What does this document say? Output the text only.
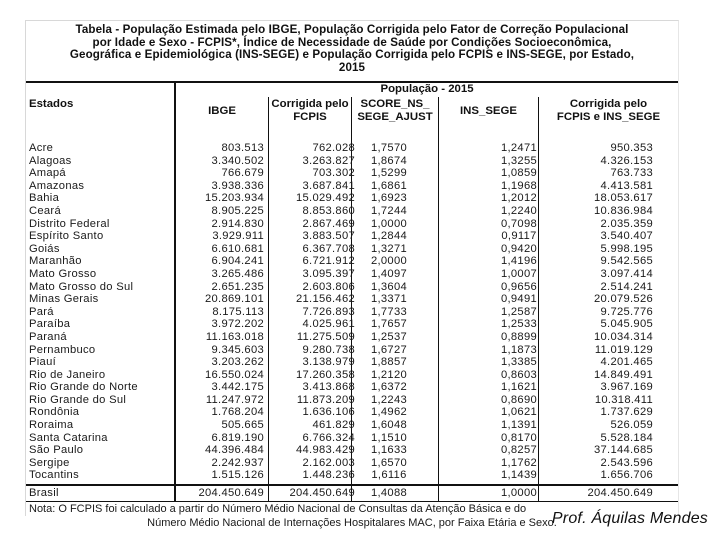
Tabela - População Estimada pelo IBGE, População Corrigida pelo Fator de Correção Populacional
por Idade e Sexo - FCPIS*, Índice de Necessidade de Saúde por Condições Socioeconômica,
Geográfica e Epidemiológica (INS-SEGE) e População Corrigida pelo FCPIS e INS-SEGE, por Estado,
2015
População - 2015
Estados
IBGE
Corrigida pelo
FCPIS
SCORE_NS_
SEGE_AJUST	INS_SEGE
Corrigida pelo
FCPIS e INS_SEGE
Acre	803.513	762.028 1,7570	1,2471	950.353
Alagoas	3.340.502	3.263.827 1,8674	1,3255	4.326.153
Amapá	766.679	703.302 1,5299	1,0859	763.733
Amazonas	3.938.336	3.687.841 1,6861	1,1968	4.413.581
Bahia	15.203.934	15.029.492 1,6923	1,2012	18.053.617
Ceará	8.905.225	8.853.860 1,7244	1,2240	10.836.984
Distrito Federal	2.914.830	2.867.469 1,0000	0,7098	2.035.359
Espírito Santo	3.929.911	3.883.507 1,2844	0,9117	3.540.407
Goiás	6.610.681	6.367.708 1,3271	0,9420	5.998.195
Maranhão	6.904.241	6.721.912 2,0000	1,4196	9.542.565
Mato Grosso	3.265.486	3.095.397 1,4097	1,0007	3.097.414
Mato Grosso do Sul	2.651.235	2.603.806 1,3604	0,9656	2.514.241
Minas Gerais	20.869.101	21.156.462 1,3371	0,9491	20.079.526
Pará	8.175.113	7.726.893 1,7733	1,2587	9.725.776
Paraíba	3.972.202	4.025.961 1,7657	1,2533	5.045.905
Paraná	11.163.018	11.275.509 1,2537	0,8899	10.034.314
Pernambuco	9.345.603	9.280.738 1,6727	1,1873	11.019.129
Piauí	3.203.262	3.138.979 1,8857	1,3385	4.201.465
Rio de Janeiro	16.550.024	17.260.358 1,2120	0,8603	14.849.491
Rio Grande do Norte	3.442.175	3.413.868 1,6372	1,1621	3.967.169
Rio Grande do Sul	11.247.972	11.873.209 1,2243	0,8690	10.318.411
Rondônia	1.768.204	1.636.106 1,4962	1,0621	1.737.629
Roraima	505.665	461.829 1,6048	1,1391	526.059
Santa Catarina	6.819.190	6.766.324 1,1510	0,8170	5.528.184
São Paulo	44.396.484	44.983.429 1,1633	0,8257	37.144.685
Sergipe	2.242.937	2.162.003 1,6570	1,1762	2.543.596
Tocantins	1.515.126	1.448.236 1,6116	1,1439	1.656.706
Brasil	204.450.649 204.450.649 1,4088	1,0000	204.450.649
Nota: O FCPIS foi calculado a partir do Número Médio Nacional de Consultas da Atenção Básica e do
Número Médio Nacional de Internações Hospitalares MAC, por Faixa Etária e Sexo.
Prof. Áquilas Mendes
